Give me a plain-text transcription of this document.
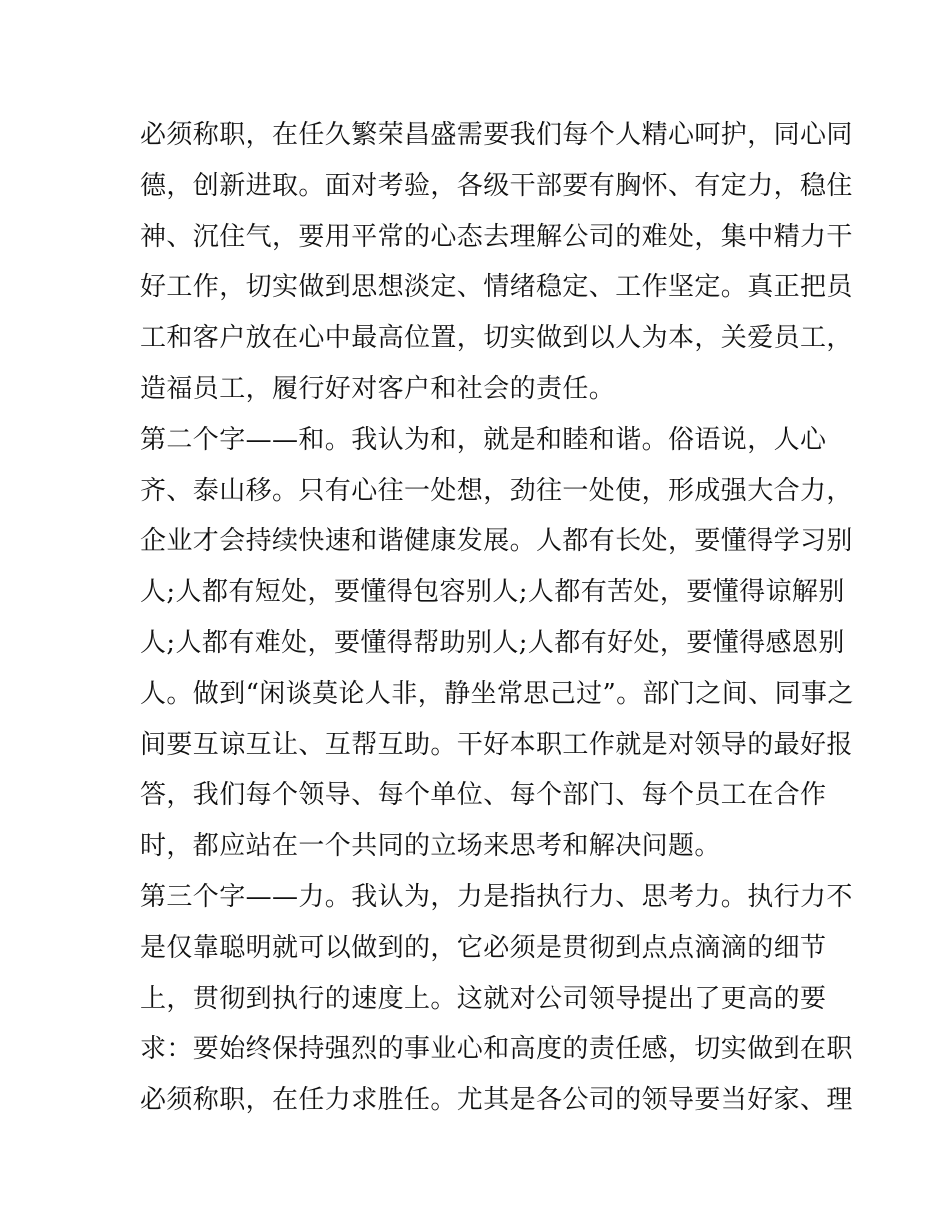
必须称职，在任久繁荣昌盛需要我们每个人精心呵护，同心同
德，创新进取。面对考验，各级干部要有胸怀、有定力，稳住
神、沉住气，要用平常的心态去理解公司的难处，集中精力干
好工作，切实做到思想淡定、情绪稳定、工作坚定。真正把员
工和客户放在心中最高位置，切实做到以人为本，关爱员工，
造福员工，履行好对客户和社会的责任。
第二个字——和。我认为和，就是和睦和谐。俗语说，人心
齐、泰山移。只有心往一处想，劲往一处使，形成强大合力，
企业才会持续快速和谐健康发展。人都有长处，要懂得学习别
人;人都有短处，要懂得包容别人;人都有苦处，要懂得谅解别
人;人都有难处，要懂得帮助别人;人都有好处，要懂得感恩别
人。做到“闲谈莫论人非，静坐常思己过”。部门之间、同事之
间要互谅互让、互帮互助。干好本职工作就是对领导的最好报
答，我们每个领导、每个单位、每个部门、每个员工在合作
时，都应站在一个共同的立场来思考和解决问题。
第三个字——力。我认为，力是指执行力、思考力。执行力不
是仅靠聪明就可以做到的，它必须是贯彻到点点滴滴的细节
上，贯彻到执行的速度上。这就对公司领导提出了更高的要
求：要始终保持强烈的事业心和高度的责任感，切实做到在职
必须称职，在任力求胜任。尤其是各公司的领导要当好家、理
